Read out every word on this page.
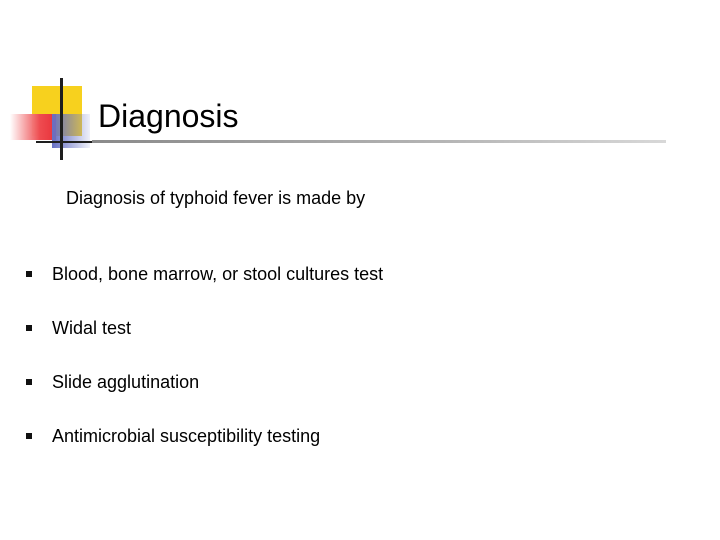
Diagnosis
Diagnosis of typhoid fever is made by
Blood, bone marrow, or stool cultures test
Widal test
Slide agglutination
Antimicrobial susceptibility testing
